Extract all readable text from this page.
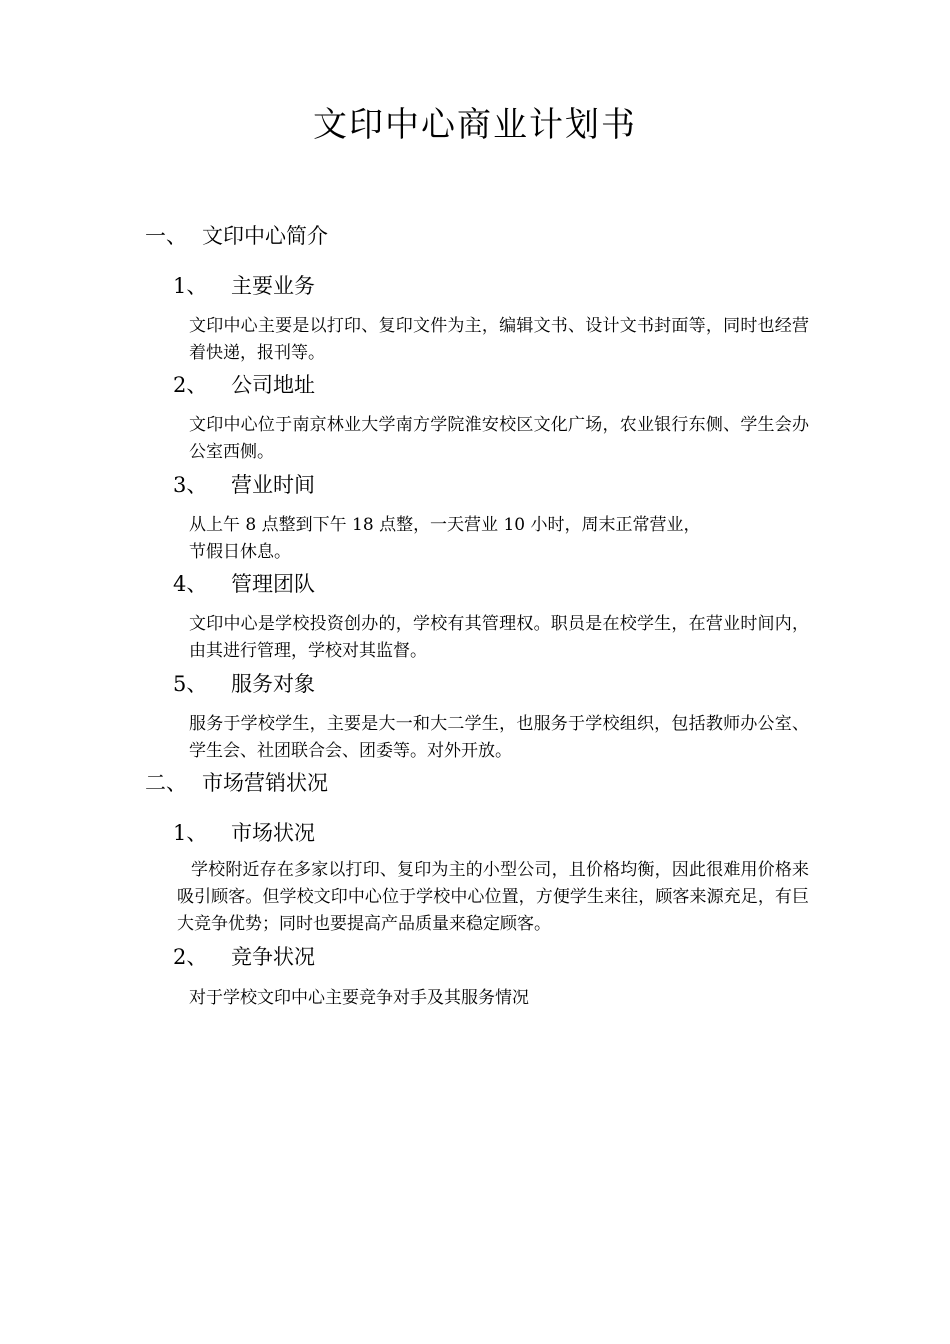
文印中心商业计划书
一、 文印中心简介
1、 主要业务
文印中心主要是以打印、复印文件为主，编辑文书、设计文书封面等，同时也经营着快递，报刊等。
2、 公司地址
文印中心位于南京林业大学南方学院淮安校区文化广场，农业银行东侧、学生会办公室西侧。
3、 营业时间
从上午 8 点整到下午 18 点整，一天营业 10 小时，周末正常营业，
节假日休息。
4、 管理团队
文印中心是学校投资创办的，学校有其管理权。职员是在校学生，在营业时间内，由其进行管理，学校对其监督。
5、 服务对象
服务于学校学生，主要是大一和大二学生，也服务于学校组织，包括教师办公室、学生会、社团联合会、团委等。对外开放。
二、 市场营销状况
1、 市场状况
学校附近存在多家以打印、复印为主的小型公司，且价格均衡，因此很难用价格来吸引顾客。但学校文印中心位于学校中心位置，方便学生来往，顾客来源充足，有巨大竞争优势；同时也要提高产品质量来稳定顾客。
2、 竞争状况
对于学校文印中心主要竞争对手及其服务情况
